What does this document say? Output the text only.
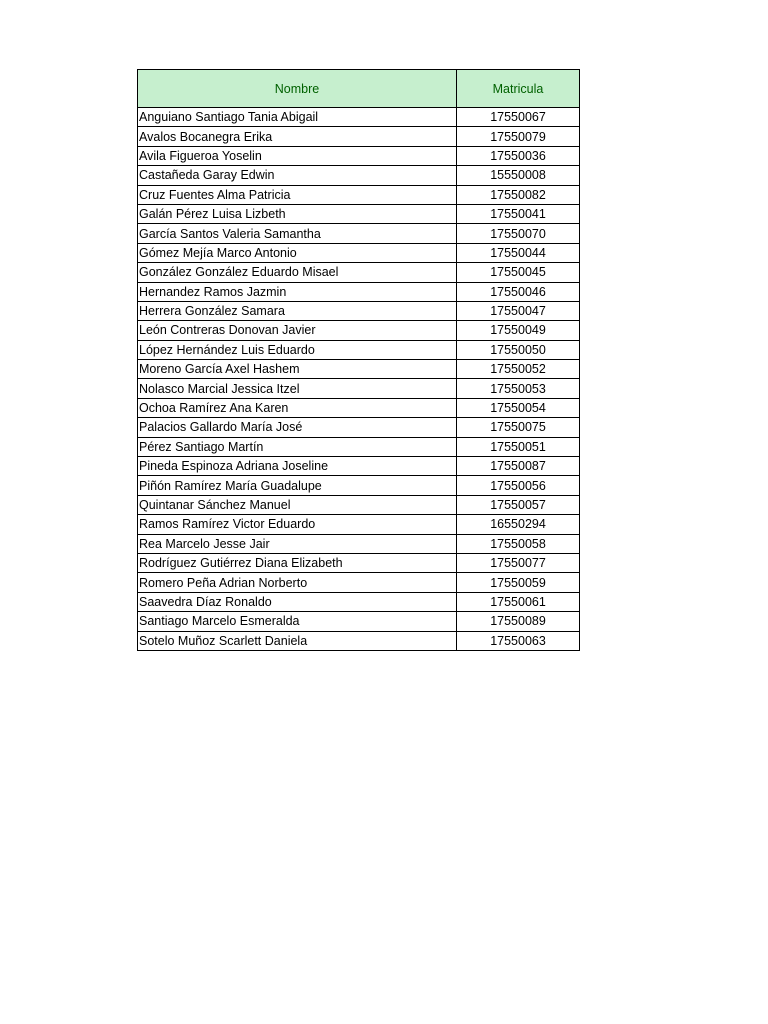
Nombre	Matricula
Anguiano Santiago Tania Abigail	17550067
Avalos Bocanegra Erika	17550079
Avila Figueroa Yoselin	17550036
Castañeda Garay Edwin	15550008
Cruz Fuentes Alma Patricia	17550082
Galán Pérez Luisa Lizbeth	17550041
García Santos Valeria Samantha	17550070
Gómez Mejía Marco Antonio	17550044
González González Eduardo Misael	17550045
Hernandez Ramos Jazmin	17550046
Herrera González Samara	17550047
León Contreras Donovan Javier	17550049
López Hernández Luis Eduardo	17550050
Moreno García Axel Hashem	17550052
Nolasco Marcial Jessica Itzel	17550053
Ochoa Ramírez Ana Karen	17550054
Palacios Gallardo María José	17550075
Pérez Santiago Martín	17550051
Pineda Espinoza Adriana Joseline	17550087
Piñón Ramírez María Guadalupe	17550056
Quintanar Sánchez Manuel	17550057
Ramos Ramírez Victor Eduardo	16550294
Rea Marcelo Jesse Jair	17550058
Rodríguez Gutiérrez Diana Elizabeth	17550077
Romero Peña Adrian Norberto	17550059
Saavedra Díaz Ronaldo	17550061
Santiago Marcelo Esmeralda	17550089
Sotelo Muñoz Scarlett Daniela	17550063
